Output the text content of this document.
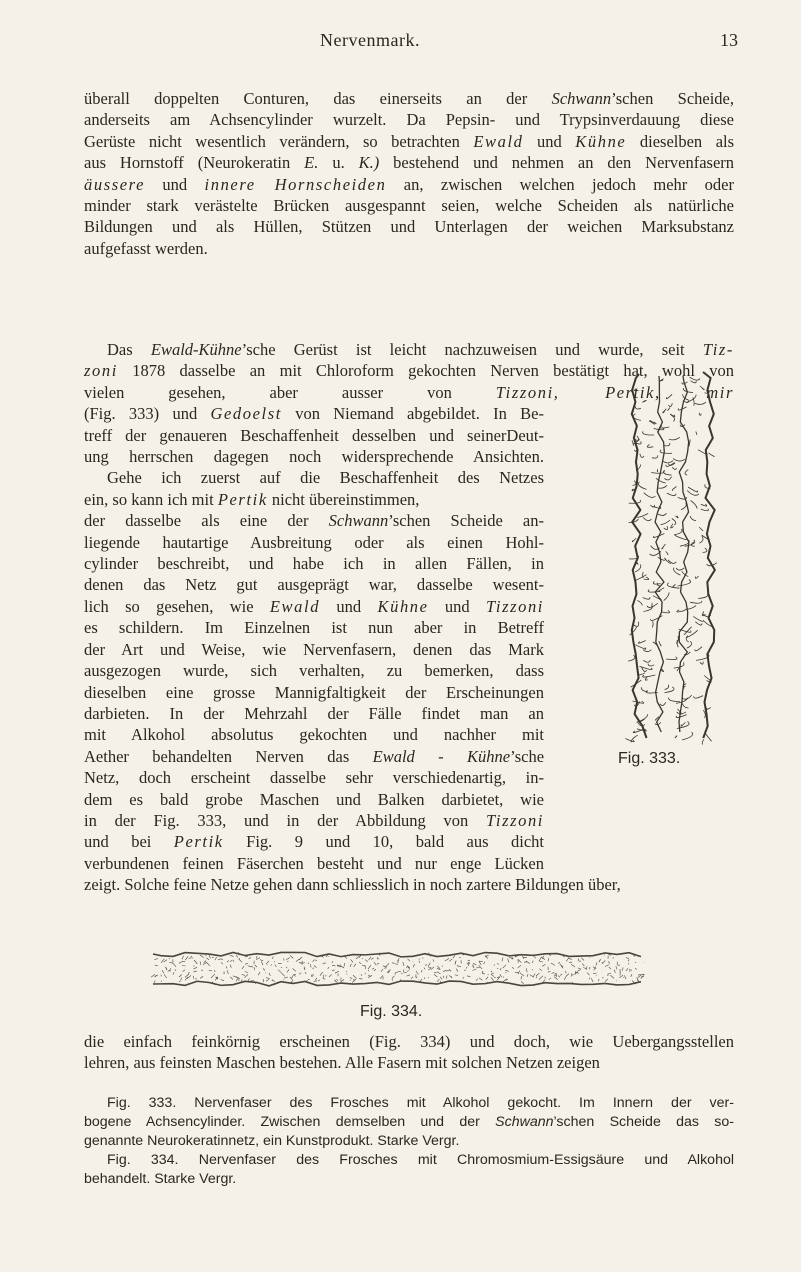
Nervenmark.	13
überall doppelten Conturen, das einerseits an der Schwann’schen Scheide,
anderseits am Achsencylinder wurzelt. Da Pepsin- und Trypsinverdauung diese
Gerüste nicht wesentlich verändern, so betrachten Ewald und Kühne dieselben als
aus Hornstoff (Neurokeratin E. u. K.) bestehend und nehmen an den Nervenfasern
äussere und innere Hornscheiden an, zwischen welchen jedoch mehr oder
minder stark verästelte Brücken ausgespannt seien, welche Scheiden als natürliche
Bildungen und als Hüllen, Stützen und Unterlagen der weichen Marksubstanz
aufgefasst werden.
Das Ewald-Kühne’sche Gerüst ist leicht nachzuweisen und wurde, seit Tiz-
zoni 1878 dasselbe an mit Chloroform gekochten Nerven bestätigt hat, wohl von
vielen gesehen, aber ausser von Tizzoni, Pertik, mir
(Fig. 333) und Gedoelst von Niemand abgebildet. In Be-
treff der genaueren Beschaffenheit desselben und seinerDeut-
ung herrschen dagegen noch widersprechende Ansichten.
Gehe ich zuerst auf die Beschaffenheit des Netzes
ein, so kann ich mit Pertik nicht übereinstimmen,
der dasselbe als eine der Schwann’schen Scheide an-
liegende hautartige Ausbreitung oder als einen Hohl-
cylinder beschreibt, und habe ich in allen Fällen, in
denen das Netz gut ausgeprägt war, dasselbe wesent-
lich so gesehen, wie Ewald und Kühne und Tizzoni
es schildern. Im Einzelnen ist nun aber in Betreff
der Art und Weise, wie Nervenfasern, denen das Mark
ausgezogen wurde, sich verhalten, zu bemerken, dass
dieselben eine grosse Mannigfaltigkeit der Erscheinungen
darbieten. In der Mehrzahl der Fälle findet man an
mit Alkohol absolutus gekochten und nachher mit
Aether behandelten Nerven das Ewald - Kühne’sche
Netz, doch erscheint dasselbe sehr verschiedenartig, in-
dem es bald grobe Maschen und Balken darbietet, wie
in der Fig. 333, und in der Abbildung von Tizzoni
und bei Pertik Fig. 9 und 10, bald aus dicht
verbundenen feinen Fäserchen besteht und nur enge Lücken
zeigt. Solche feine Netze gehen dann schliesslich in noch zartere Bildungen über,
Fig. 333.
Fig. 334.
die einfach feinkörnig erscheinen (Fig. 334) und doch, wie Uebergangsstellen
lehren, aus feinsten Maschen bestehen. Alle Fasern mit solchen Netzen zeigen
Fig. 333. Nervenfaser des Frosches mit Alkohol gekocht. Im Innern der ver-
bogene Achsencylinder. Zwischen demselben und der Schwann’schen Scheide das so-
genannte Neurokeratinnetz, ein Kunstprodukt. Starke Vergr.
Fig. 334. Nervenfaser des Frosches mit Chromosmium-Essigsäure und Alkohol
behandelt. Starke Vergr.
